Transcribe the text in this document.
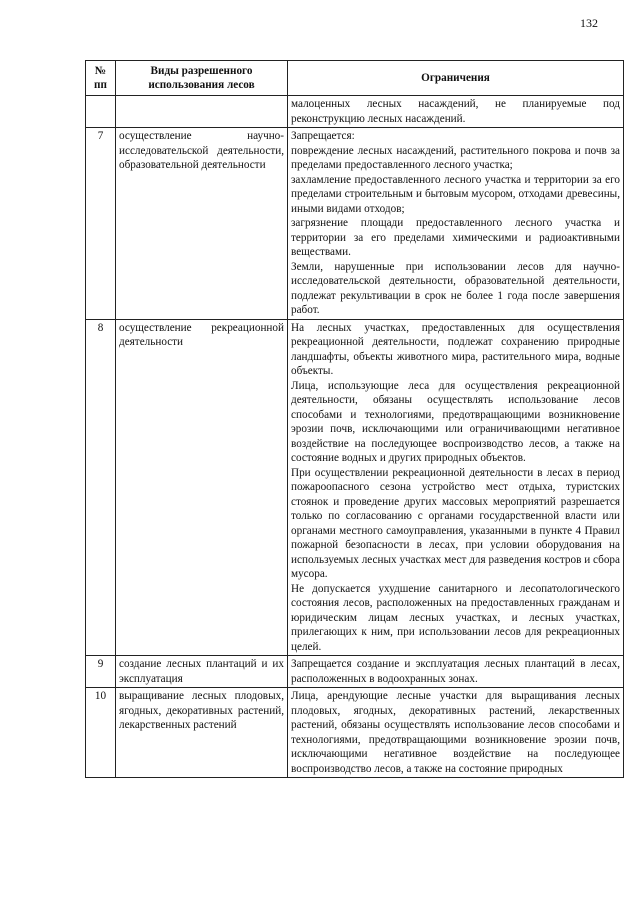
132
№
пп	Виды разрешенного использования лесов	Ограничения
		малоценных лесных насаждений, не планируемые под реконструкцию лесных насаждений.
7	осуществление научно-исследовательской деятельности, образовательной деятельности	Запрещается:
повреждение лесных насаждений, растительного покрова и почв за пределами предоставленного лесного участка;
захламление предоставленного лесного участка и территории за его пределами строительным и бытовым мусором, отходами древесины, иными видами отходов;
загрязнение площади предоставленного лесного участка и территории за его пределами химическими и радиоактивными веществами.
Земли, нарушенные при использовании лесов для научно-исследовательской деятельности, образовательной деятельности, подлежат рекультивации в срок не более 1 года после завершения работ.

8	осуществление рекреационной деятельности	На лесных участках, предоставленных для осуществления рекреационной деятельности, подлежат сохранению природные ландшафты, объекты животного мира, растительного мира, водные объекты.
Лица, использующие леса для осуществления рекреационной деятельности, обязаны осуществлять использование лесов способами и технологиями, предотвращающими возникновение эрозии почв, исключающими или ограничивающими негативное воздействие на последующее воспроизводство лесов, а также на состояние водных и других природных объектов.
При осуществлении рекреационной деятельности в лесах в период пожароопасного сезона устройство мест отдыха, туристских стоянок и проведение других массовых мероприятий разрешается только по согласованию с органами государственной власти или органами местного самоуправления, указанными в пункте 4 Правил пожарной безопасности в лесах, при условии оборудования на используемых лесных участках мест для разведения костров и сбора мусора.
Не допускается ухудшение санитарного и лесопатологического состояния лесов, расположенных на предоставленных гражданам и юридическим лицам лесных участках, и лесных участках, прилегающих к ним, при использовании лесов для рекреационных целей.

9	создание лесных плантаций и их эксплуатация	Запрещается создание и эксплуатация лесных плантаций в лесах, расположенных в водоохранных зонах.

10	выращивание лесных плодовых, ягодных, декоративных растений, лекарственных растений	Лица, арендующие лесные участки для выращивания лесных плодовых, ягодных, декоративных растений, лекарственных растений, обязаны осуществлять использование лесов способами и технологиями, предотвращающими возникновение эрозии почв, исключающими негативное воздействие на последующее воспроизводство лесов, а также на состояние природных
